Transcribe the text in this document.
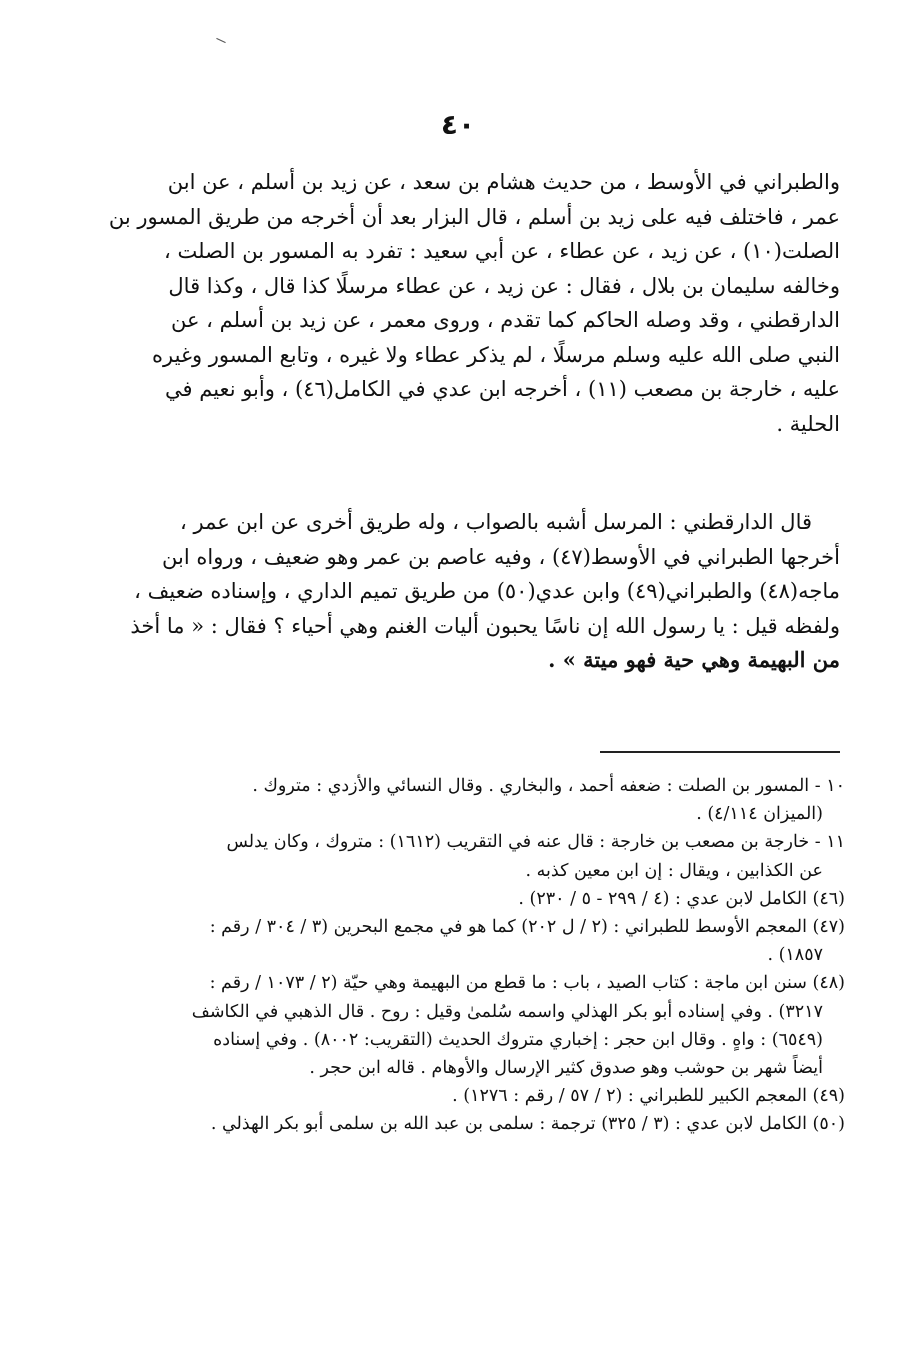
٤٠
والطبراني في الأوسط ، من حديث هشام بن سعد ، عن زيد بن أسلم ، عن ابن
عمر ، فاختلف فيه على زيد بن أسلم ، قال البزار بعد أن أخرجه من طريق المسور بن
الصلت(١٠) ، عن زيد ، عن عطاء ، عن أبي سعيد : تفرد به المسور بن الصلت ،
وخالفه سليمان بن بلال ، فقال : عن زيد ، عن عطاء مرسلًا كذا قال ، وكذا قال
الدارقطني ، وقد وصله الحاكم كما تقدم ، وروى معمر ، عن زيد بن أسلم ، عن
النبي صلى الله عليه وسلم مرسلًا ، لم يذكر عطاء ولا غيره ، وتابع المسور وغيره
عليه ، خارجة بن مصعب (١١) ، أخرجه ابن عدي في الكامل(٤٦) ، وأبو نعيم في
الحلية .
قال الدارقطني : المرسل أشبه بالصواب ، وله طريق أخرى عن ابن عمر ،
أخرجها الطبراني في الأوسط(٤٧) ، وفيه عاصم بن عمر وهو ضعيف ، ورواه ابن
ماجه(٤٨) والطبراني(٤٩) وابن عدي(٥٠) من طريق تميم الداري ، وإسناده ضعيف ،
ولفظه قيل : يا رسول الله إن ناسًا يحبون أليات الغنم وهي أحياء ؟ فقال : « ما أخذ
من البهيمة وهي حية فهو ميتة » .
١٠ - المسور بن الصلت : ضعفه أحمد ، والبخاري . وقال النسائي والأزدي : متروك .
(الميزان ٤/١١٤) .
١١ - خارجة بن مصعب بن خارجة : قال عنه في التقريب (١٦١٢) : متروك ، وكان يدلس
عن الكذابين ، ويقال : إن ابن معين كذبه .
(٤٦) الكامل لابن عدي : (٤ / ٢٩٩ - ٥ / ٢٣٠) .
(٤٧) المعجم الأوسط للطبراني : (٢ / ل ٢٠٢) كما هو في مجمع البحرين (٣ / ٣٠٤ / رقم :
١٨٥٧) .
(٤٨) سنن ابن ماجة : كتاب الصيد ، باب : ما قطع من البهيمة وهي حيّة (٢ / ١٠٧٣ / رقم :
٣٢١٧) . وفي إسناده أبو بكر الهذلي واسمه سُلمىٰ وقيل : روح . قال الذهبي في الكاشف
(٦٥٤٩) : واهٍ . وقال ابن حجر : إخباري متروك الحديث (التقريب: ٨٠٠٢) . وفي إسناده
أيضاً شهر بن حوشب وهو صدوق كثير الإرسال والأوهام . قاله ابن حجر .
(٤٩) المعجم الكبير للطبراني : (٢ / ٥٧ / رقم : ١٢٧٦) .
(٥٠) الكامل لابن عدي : (٣ / ٣٢٥) ترجمة : سلمى بن عبد الله بن سلمى أبو بكر الهذلي .
